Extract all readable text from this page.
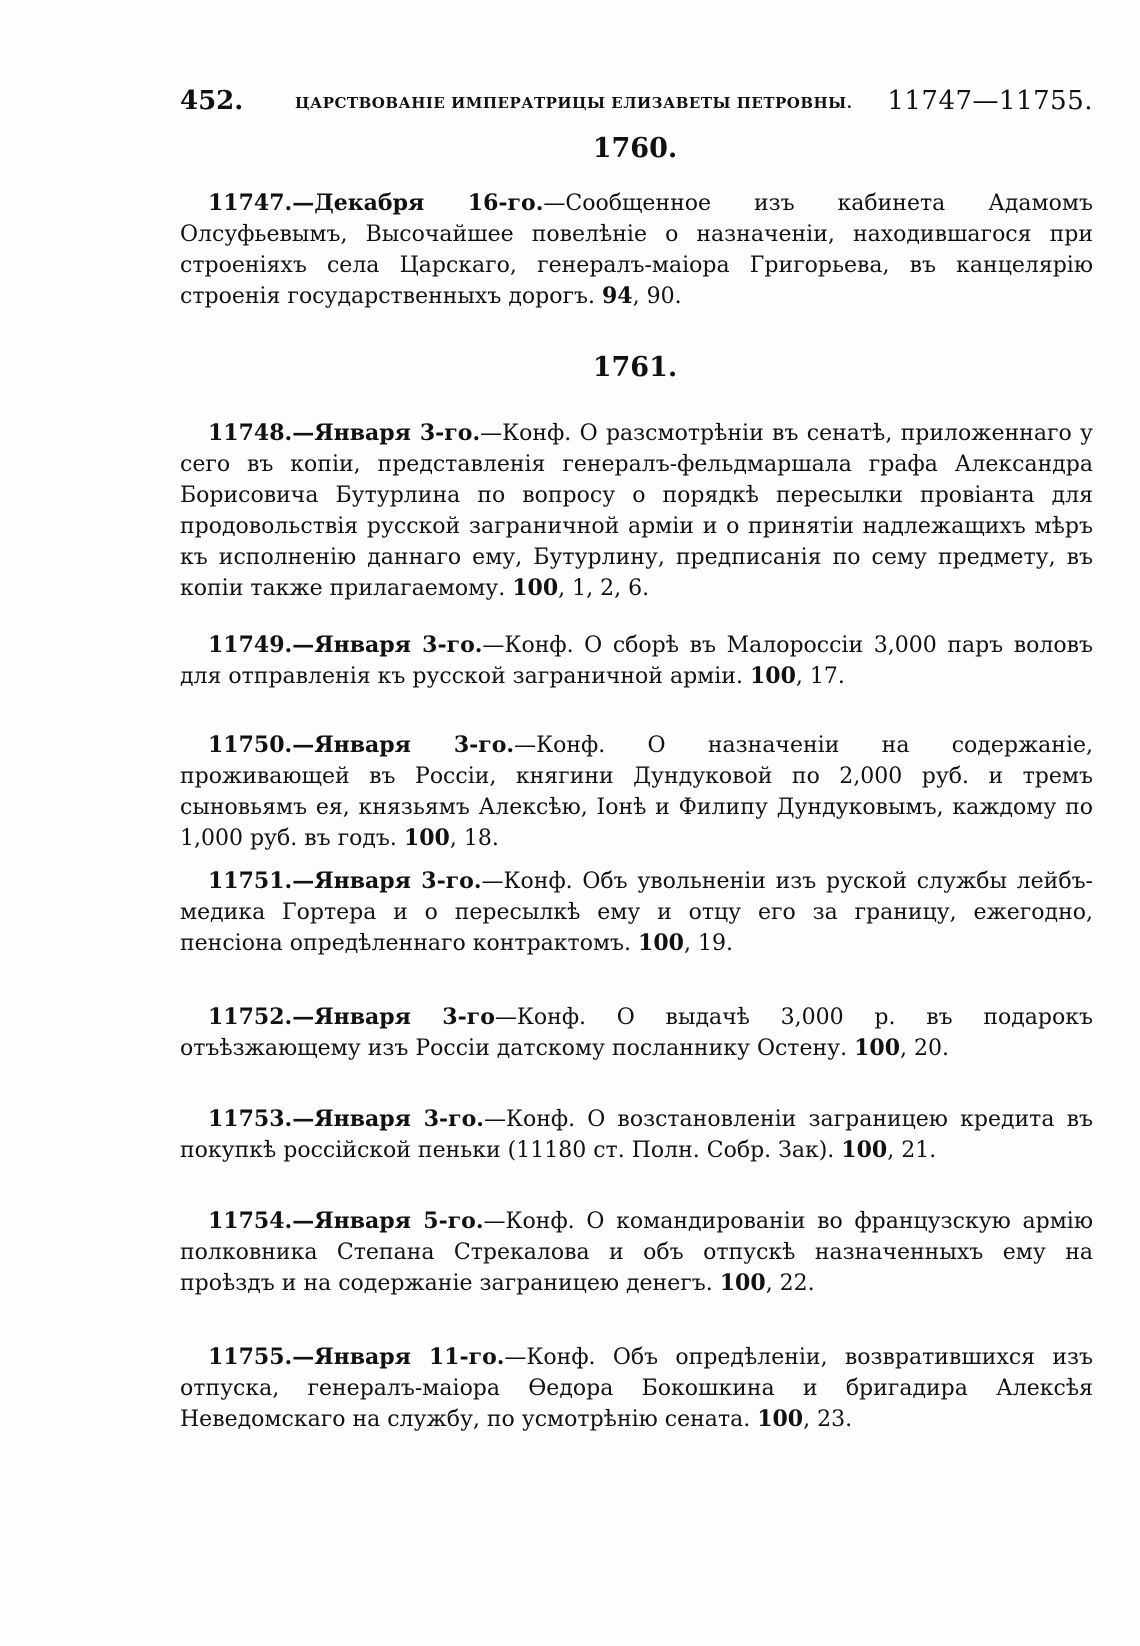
452.	ЦАРСТВОВАНІЕ ИМПЕРАТРИЦЫ ЕЛИЗАВЕТЫ ПЕТРОВНЫ. 11747—11755.
1760.
11747.—Декабря 16-го.—Сообщенное изъ кабинета Адамомъ Олсуфьевымъ, Высочайшее повелѣніе о назначеніи, находившагося при строеніяхъ села Царскаго, генералъ-маіора Григорьева, въ канцелярію строенія государственныхъ дорогъ. 94, 90.
1761.
11748.—Января 3-го.—Конф. О разсмотрѣніи въ сенатѣ, приложеннаго у сего въ копіи, представленія генералъ-фельдмаршала графа Александра Борисовича Бутурлина по вопросу о порядкѣ пересылки провіанта для продовольствія русской заграничной арміи и о принятіи надлежащихъ мѣръ къ исполненію даннаго ему, Бутурлину, предписанія по сему предмету, въ копіи также прилагаемому. 100, 1, 2, 6.
11749.—Января 3-го.—Конф. О сборѣ въ Малороссіи 3,000 паръ воловъ для отправленія къ русской заграничной арміи. 100, 17.
11750.—Января 3-го.—Конф. О назначеніи на содержаніе, проживающей въ Россіи, княгини Дундуковой по 2,000 руб. и тремъ сыновьямъ ея, князьямъ Алексѣю, Іонѣ и Филипу Дундуковымъ, каждому по 1,000 руб. въ годъ. 100, 18.
11751.—Января 3-го.—Конф. Объ увольненіи изъ руской службы лейбъ-медика Гортера и о пересылкѣ ему и отцу его за границу, ежегодно, пенсіона опредѣленнаго контрактомъ. 100, 19.
11752.—Января 3-го—Конф. О выдачѣ 3,000 р. въ подарокъ отъѣзжающему изъ Россіи датскому посланнику Остену. 100, 20.
11753.—Января 3-го.—Конф. О возстановленіи заграницею кредита въ покупкѣ россійской пеньки (11180 ст. Полн. Собр. Зак). 100, 21.
11754.—Января 5-го.—Конф. О командированіи во французскую армію полковника Степана Стрекалова и объ отпускѣ назначенныхъ ему на проѣздъ и на содержаніе заграницею денегъ. 100, 22.
11755.—Января 11-го.—Конф. Объ опредѣленіи, возвратившихся изъ отпуска, генералъ-маіора Ѳедора Бокошкина и бригадира Алексѣя Неведомскаго на службу, по усмотрѣнію сената. 100, 23.
